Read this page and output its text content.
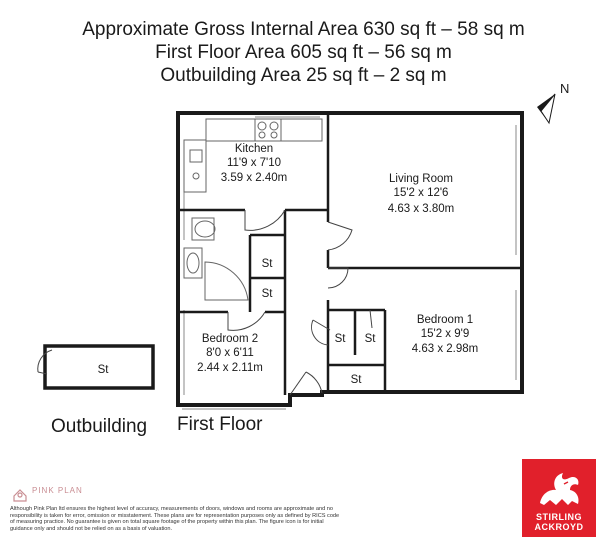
Approximate Gross Internal Area 630 sq ft – 58 sq m
First Floor Area 605 sq ft – 56 sq m
Outbuilding Area 25 sq ft – 2 sq m
N
Kitchen
11'9 x 7'10
3.59 x 2.40m	Living Room
15'2 x 12'6
4.63 x 3.80m
Bedroom 1
15'2 x 9'9
4.63 x 2.98m
Bedroom 2
8'0 x 6'11
2.44 x 2.11m
St
St
St St
St
St
Outbuilding First Floor
PINK PLAN
Although Pink Plan ltd ensures the highest level of accuracy, measurements of doors, windows and rooms are approximate and no responsibility is taken for error, omission or misstatement. These plans are for representation purposes only as defined by RICS code of measuring practice. No guarantee is given on total square footage of the property within this plan. The figure icon is for initial guidance only and should not be relied on as a basis of valuation.
STIRLING
ACKROYD
